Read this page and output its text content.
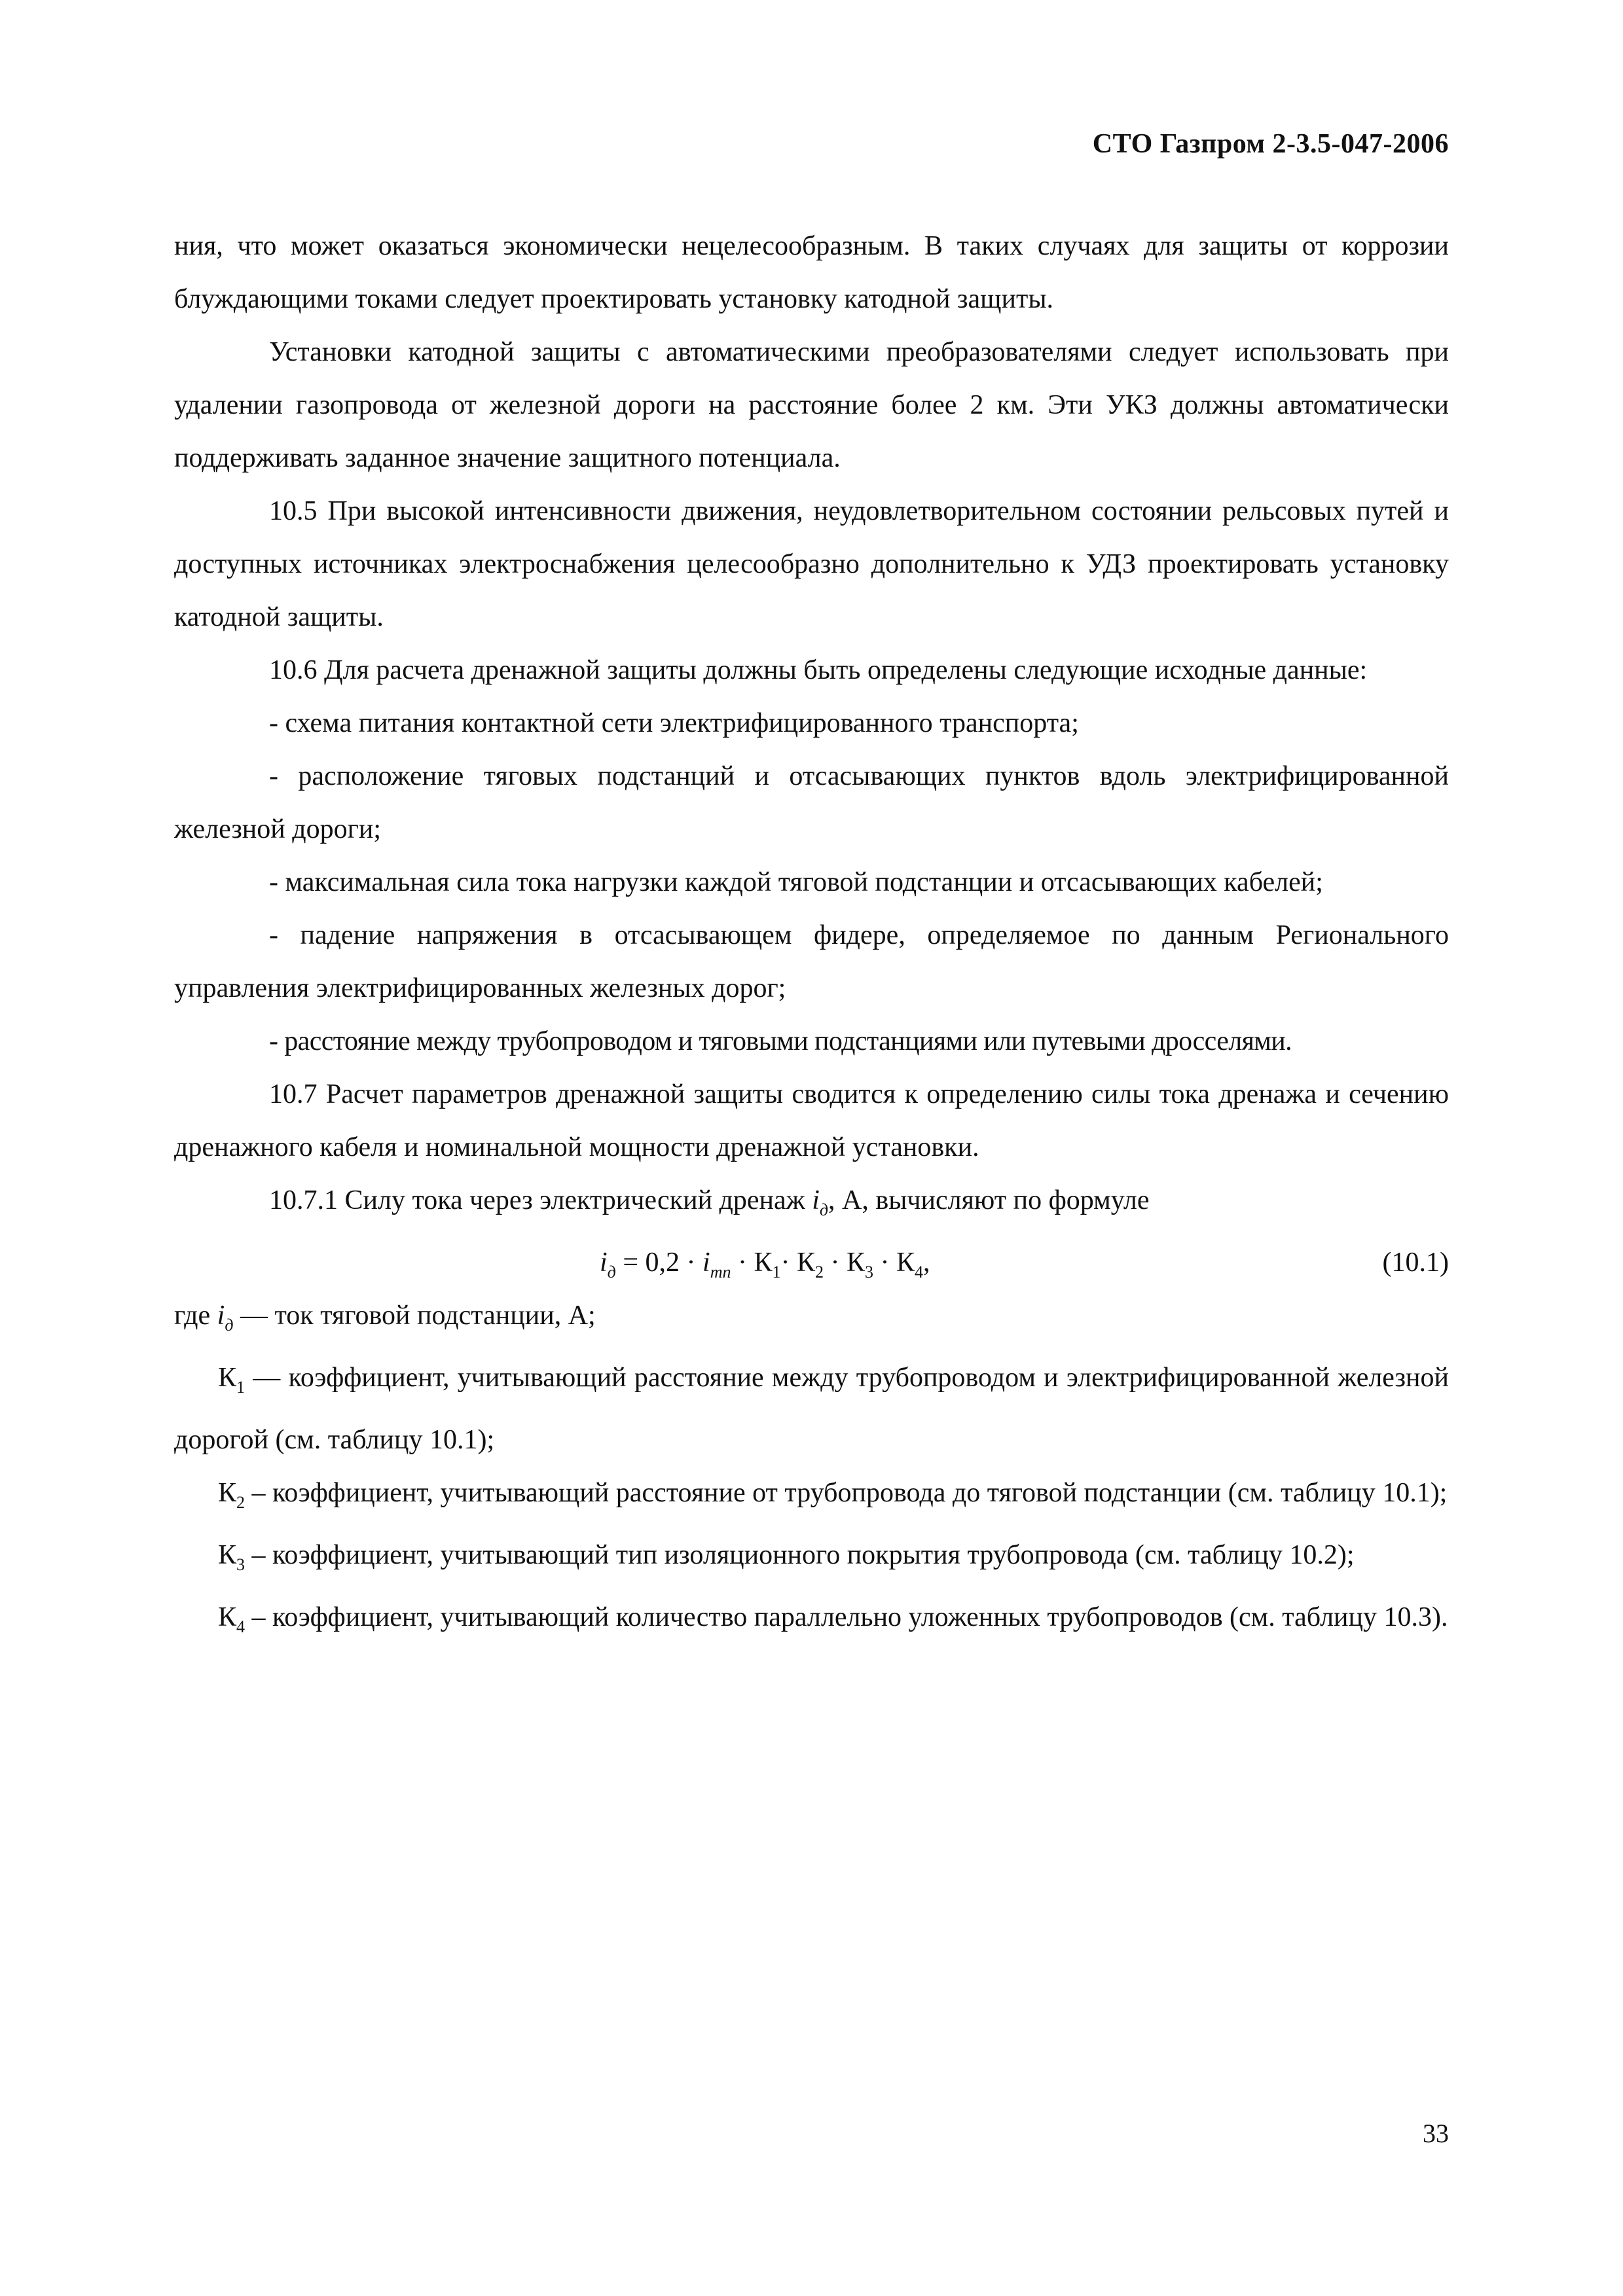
СТО Газпром 2-3.5-047-2006

ния, что может оказаться экономически нецелесообразным. В таких случаях для защиты от коррозии блуждающими токами следует проектировать установку катодной защиты.

Установки катодной защиты с автоматическими преобразователями следует использовать при удалении газопровода от железной дороги на расстояние более 2 км. Эти УКЗ должны автоматически поддерживать заданное значение защитного потенциала.

10.5 При высокой интенсивности движения, неудовлетворительном состоянии рельсовых путей и доступных источниках электроснабжения целесообразно дополнительно к УДЗ проектировать установку катодной защиты.

10.6 Для расчета дренажной защиты должны быть определены следующие исходные данные:

- схема питания контактной сети электрифицированного транспорта;

- расположение тяговых подстанций и отсасывающих пунктов вдоль электрифицированной железной дороги;

- максимальная сила тока нагрузки каждой тяговой подстанции и отсасывающих кабелей;

- падение напряжения в отсасывающем фидере, определяемое по данным Регионального управления электрифицированных железных дорог;

- расстояние между трубопроводом и тяговыми подстанциями или путевыми дросселями.

10.7 Расчет параметров дренажной защиты сводится к определению силы тока дренажа и сечению дренажного кабеля и номинальной мощности дренажной установки.

10.7.1 Силу тока через электрический дренаж $i_д$, А, вычисляют по формуле

$i_д = 0,2 \cdot i_{тп} \cdot К_1\cdot К_2 \cdot К_3 \cdot К_4$,	(10.1)

где $i_д$ — ток тяговой подстанции, А;

$К_1$ — коэффициент, учитывающий расстояние между трубопроводом и электрифицированной железной дорогой (см. таблицу 10.1);

$К_2$ – коэффициент, учитывающий расстояние от трубопровода до тяговой подстанции (см. таблицу 10.1);

$К_3$ – коэффициент, учитывающий тип изоляционного покрытия трубопровода (см. таблицу 10.2);

$К_4$ – коэффициент, учитывающий количество параллельно уложенных трубопроводов (см. таблицу 10.3).

33
